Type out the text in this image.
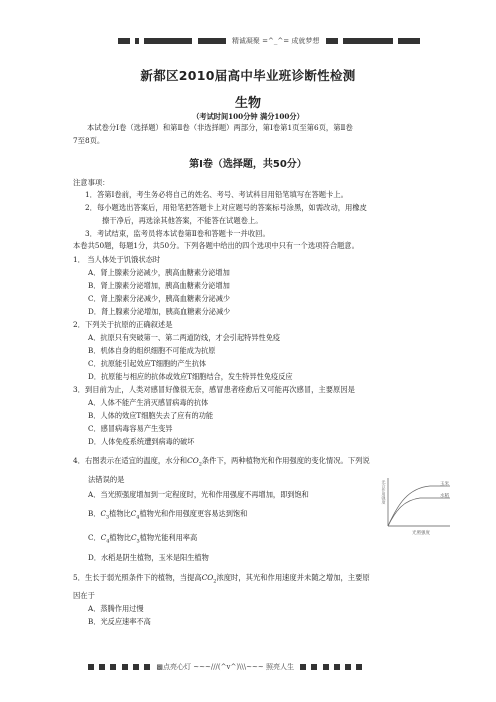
精诚凝聚 =^_^= 成就梦想
新都区2010届高中毕业班诊断性检测
生物
（考试时间100分钟 满分100分）
本试卷分Ⅰ卷（选择题）和第Ⅱ卷（非选择题）两部分，第Ⅰ卷第1页至第6页，第Ⅱ卷
7至8页。
第Ⅰ卷（选择题，共50分）
注意事项：
1．答第Ⅰ卷前，考生务必将自己的姓名、考号、考试科目用铅笔填写在答题卡上。
2．每小题选出答案后，用铅笔把答题卡上对应题号的答案标号涂黑，如需改动，用橡皮
擦干净后，再选涂其他答案，不能答在试题卷上。
3．考试结束，监考员将本试卷第Ⅱ卷和答题卡一并收回。
本卷共50题，每题1分，共50分。下列各题中给出的四个选项中只有一个选项符合题意。
1． 当人体处于饥饿状态时
A．肾上腺素分泌减少，胰高血糖素分泌增加
B．肾上腺素分泌增加，胰高血糖素分泌增加
C．肾上腺素分泌减少，胰高血糖素分泌减少
D．肾上腺素分泌增加，胰高血糖素分泌减少
2．下列关于抗原的正确叙述是
A．抗原只有突破第一、第二两道防线，才会引起特异性免疫
B．机体自身的组织细胞不可能成为抗原
C．抗原能引起效应T细胞的产生抗体
D．抗原能与相应的抗体或效应T细胞结合，发生特异性免疫反应
3．到目前为止，人类对感冒好像很无奈，感冒患者痊愈后又可能再次感冒，主要原因是
A．人体不能产生消灭感冒病毒的抗体
B．人体的效应T细胞失去了应有的功能
C．感冒病毒容易产生变异
D．人体免疫系统遭到病毒的破坏
4．右图表示在适宜的温度，水分和$CO_2$条件下，两种植物光和作用强度的变化情况。下列说
法错误的是
A．当光照强度增加到一定程度时，光和作用强度不再增加，即到饱和
B．$C_3$植物比$C_4$植物光和作用强度更容易达到饱和
C．$C_4$植物比$C_3$植物光能利用率高
D．水稻是阴生植物，玉米是阳生植物
光合作用强度	玉米
水稻
光照强度
5．生长于弱光照条件下的植物，当提高$CO_2$浓度时，其光和作用速度并未随之增加，主要原
因在于
A．蒸腾作用过慢
B．光反应速率不高
▩点亮心灯 ~~~///(^v^)\\\~~~ 照亮人生
